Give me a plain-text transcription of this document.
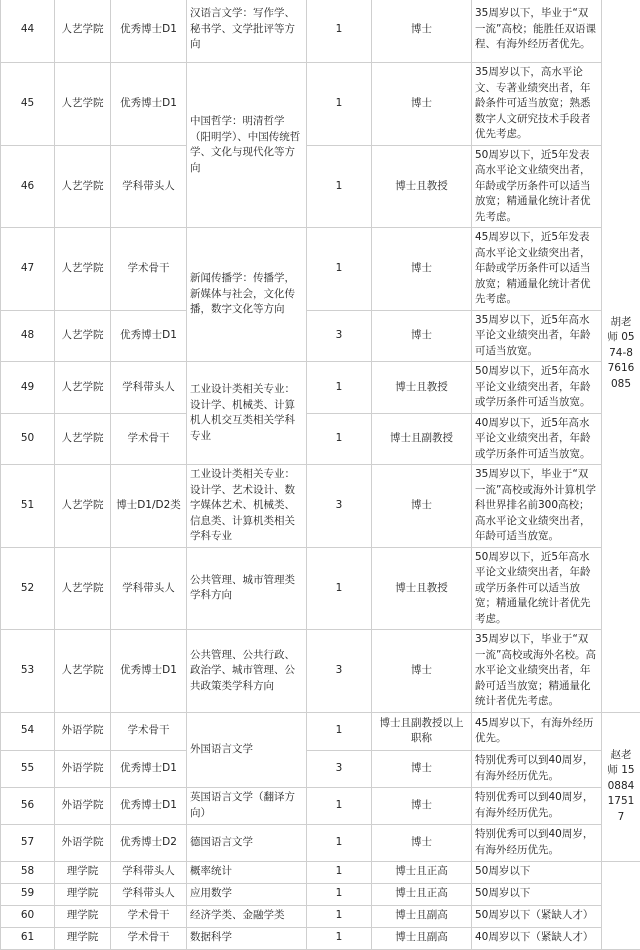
44	人艺学院	优秀博士D1	汉语言文学：写作学、秘书学、文学批评等方向	1	博士	35周岁以下，毕业于“双一流”高校；能胜任双语课程、有海外经历者优先。	胡老师 0574-87616085
45	人艺学院	优秀博士D1	中国哲学：明清哲学（阳明学）、中国传统哲学、文化与现代化等方向	1	博士	35周岁以下，高水平论文、专著业绩突出者，年龄条件可适当放宽；熟悉数字人文研究技术手段者优先考虑。	
46	人艺学院	学科带头人		1	博士且教授	50周岁以下，近5年发表高水平论文业绩突出者，年龄或学历条件可以适当放宽；精通量化统计者优先考虑。	
47	人艺学院	学术骨干	新闻传播学：传播学，新媒体与社会，文化传播，数字文化等方向	1	博士	45周岁以下，近5年发表高水平论文业绩突出者，年龄或学历条件可以适当放宽；精通量化统计者优先考虑。	
48	人艺学院	优秀博士D1		3	博士	35周岁以下，近5年高水平论文业绩突出者，年龄可适当放宽。	
49	人艺学院	学科带头人	工业设计类相关专业：设计学、机械类、计算机人机交互类相关学科专业	1	博士且教授	50周岁以下，近5年高水平论文业绩突出者，年龄或学历条件可适当放宽。	
50	人艺学院	学术骨干		1	博士且副教授	40周岁以下，近5年高水平论文业绩突出者，年龄或学历条件可适当放宽。	
51	人艺学院	博士D1/D2类	工业设计类相关专业：设计学、艺术设计、数字媒体艺术、机械类、信息类、计算机类相关学科专业	3	博士	35周岁以下，毕业于“双一流”高校或海外计算机学科世界排名前300高校；高水平论文业绩突出者，年龄可适当放宽。	
52	人艺学院	学科带头人	公共管理、城市管理类学科方向	1	博士且教授	50周岁以下，近5年高水平论文业绩突出者，年龄或学历条件可以适当放宽；精通量化统计者优先考虑。	
53	人艺学院	优秀博士D1	公共管理、公共行政、政治学、城市管理、公共政策类学科方向	3	博士	35周岁以下，毕业于“双一流”高校或海外名校。高水平论文业绩突出者，年龄可适当放宽；精通量化统计者优先考虑。	
54	外语学院	学术骨干	外国语言文学	1	博士且副教授以上职称	45周岁以下，有海外经历优先。	赵老师 15088417517
55	外语学院	优秀博士D1		3	博士	特别优秀可以到40周岁，有海外经历优先。	
56	外语学院	优秀博士D1	英国语言文学（翻译方向）	1	博士	特别优秀可以到40周岁，有海外经历优先。	
57	外语学院	优秀博士D2	德国语言文学	1	博士	特别优秀可以到40周岁，有海外经历优先。	
58	理学院	学科带头人	概率统计	1	博士且正高	50周岁以下	
59	理学院	学科带头人	应用数学	1	博士且正高	50周岁以下	
60	理学院	学术骨干	经济学类、金融学类	1	博士且副高	50周岁以下（紧缺人才）	
61	理学院	学术骨干	数据科学	1	博士且副高	40周岁以下（紧缺人才）	
